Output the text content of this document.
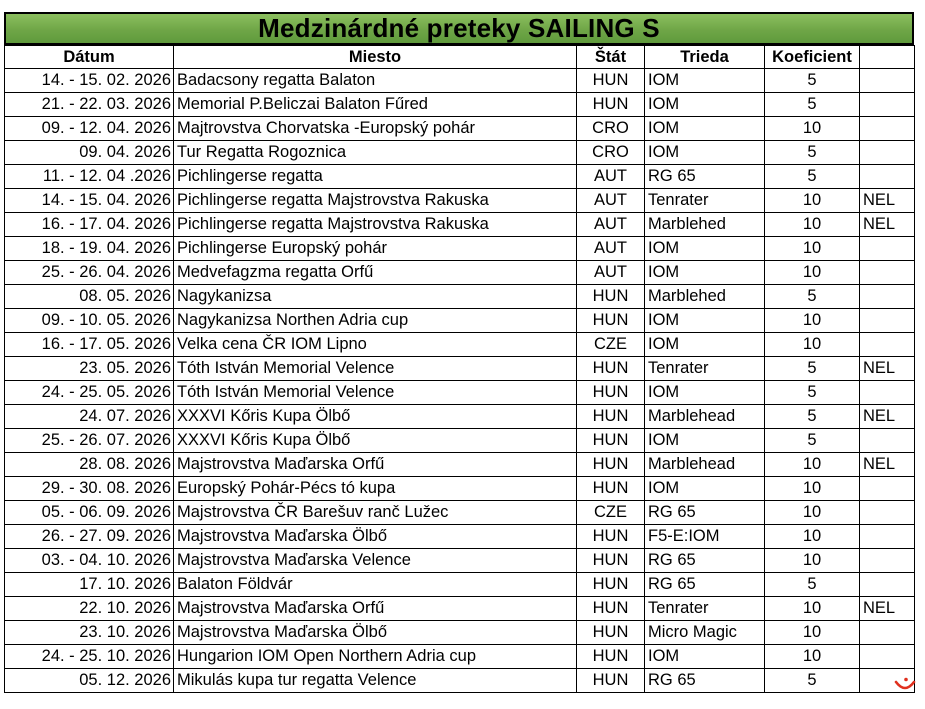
Medzinárdné preteky SAILING S
Dátum	Miesto	Štát	Trieda	Koeficient	
14. - 15. 02. 2026	Badacsony regatta Balaton	HUN	IOM	5	
21. - 22. 03. 2026	Memorial P.Beliczai Balaton Fűred	HUN	IOM	5	
09. - 12. 04. 2026	Majtrovstva Chorvatska -Europský pohár	CRO	IOM	10	
09. 04. 2026	Tur Regatta Rogoznica	CRO	IOM	5	
11. - 12. 04 .2026	Pichlingerse regatta	AUT	RG 65	5	
14. - 15. 04. 2026	Pichlingerse regatta Majstrovstva Rakuska	AUT	Tenrater	10	NEL
16. - 17. 04. 2026	Pichlingerse regatta Majstrovstva Rakuska	AUT	Marblehed	10	NEL
18. - 19. 04. 2026	Pichlingerse Europský pohár	AUT	IOM	10	
25. - 26. 04. 2026	Medvefagzma regatta Orfű	AUT	IOM	10	
08. 05. 2026	Nagykanizsa	HUN	Marblehed	5	
09. - 10. 05. 2026	Nagykanizsa Northen Adria cup	HUN	IOM	10	
16. - 17. 05. 2026	Velka cena ČR IOM Lipno	CZE	IOM	10	
23. 05. 2026	Tóth István Memorial Velence	HUN	Tenrater	5	NEL
24. - 25. 05. 2026	Tóth István Memorial Velence	HUN	IOM	5	
24. 07. 2026	XXXVI Kőris Kupa Ölbő	HUN	Marblehead	5	NEL
25. - 26. 07. 2026	XXXVI Kőris Kupa Ölbő	HUN	IOM	5	
28. 08. 2026	Majstrovstva Maďarska Orfű	HUN	Marblehead	10	NEL
29. - 30. 08. 2026	Europský Pohár-Pécs tó kupa	HUN	IOM	10	
05. - 06. 09. 2026	Majstrovstva ČR Barešuv ranč Lužec	CZE	RG 65	10	
26. - 27. 09. 2026	Majstrovstva Maďarska Ölbő	HUN	F5-E:IOM	10	
03. - 04. 10. 2026	Majstrovstva Maďarska Velence	HUN	RG 65	10	
17. 10. 2026	Balaton Földvár	HUN	RG 65	5	
22. 10. 2026	Majstrovstva Maďarska Orfű	HUN	Tenrater	10	NEL
23. 10. 2026	Majstrovstva Maďarska Ölbő	HUN	Micro Magic	10	
24. - 25. 10. 2026	Hungarion IOM Open Northern Adria cup	HUN	IOM	10	
05. 12. 2026	Mikulás kupa tur regatta Velence	HUN	RG 65	5	
